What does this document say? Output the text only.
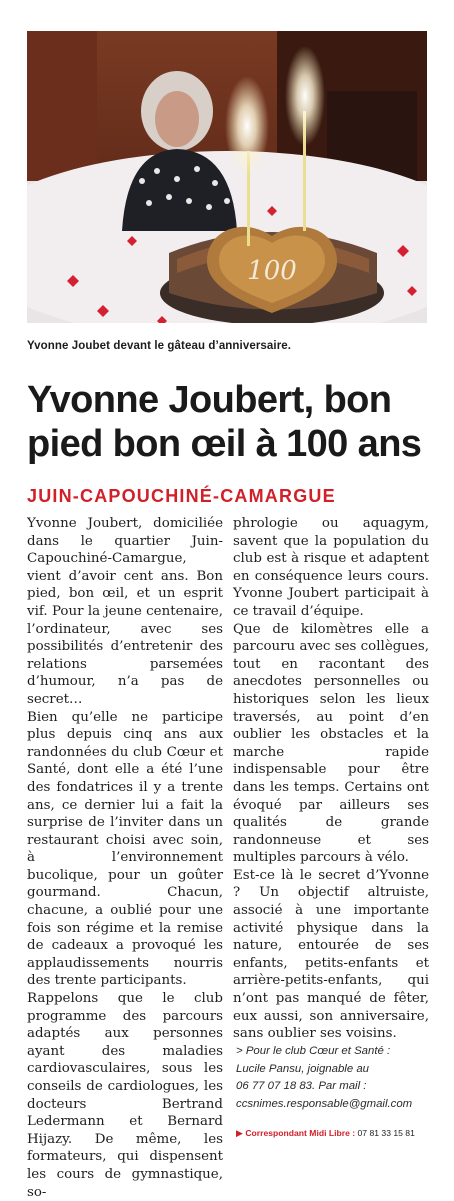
100
Yvonne Joubet devant le gâteau d’anniversaire.
Yvonne Joubert, bon pied bon œil à 100 ans
JUIN-CAPOUCHINÉ-CAMARGUE

Yvonne Joubert, domiciliée dans le quartier Juin-Capouchiné-Camargue, vient d’avoir cent ans. Bon pied, bon œil, et un esprit vif. Pour la jeune centenaire, l’ordinateur, avec ses possibilités d’entretenir des relations parsemées d’humour, n’a pas de secret…

Bien qu’elle ne participe plus depuis cinq ans aux randonnées du club Cœur et Santé, dont elle a été l’une des fondatrices il y a trente ans, ce dernier lui a fait la surprise de l’inviter dans un restaurant choisi avec soin, à l’environnement bucolique, pour un goûter gourmand. Chacun, chacune, a oublié pour une fois son régime et la remise de cadeaux a provoqué les applaudissements nourris des trente participants.

Rappelons que le club programme des parcours adaptés aux personnes ayant des maladies cardiovasculaires, sous les conseils de cardiologues, les docteurs Bertrand Ledermann et Bernard Hijazy. De même, les formateurs, qui dispensent les cours de gymnastique, so-

phrologie ou aquagym, savent que la population du club est à risque et adaptent en conséquence leurs cours. Yvonne Joubert participait à ce travail d’équipe.

Que de kilomètres elle a parcouru avec ses collègues, tout en racontant des anecdotes personnelles ou historiques selon les lieux traversés, au point d’en oublier les obstacles et la marche rapide indispensable pour être dans les temps. Certains ont évoqué par ailleurs ses qualités de grande randonneuse et ses multiples parcours à vélo.

Est-ce là le secret d’Yvonne ? Un objectif altruiste, associé à une importante activité physique dans la nature, entourée de ses enfants, petits-enfants et arrière-petits-enfants, qui n’ont pas manqué de fêter, eux aussi, son anniversaire, sans oublier ses voisins.

> Pour le club Cœur et Santé :
Lucile Pansu, joignable au
06 77 07 18 83. Par mail :
ccsnimes.responsable@gmail.com
▶ Correspondant Midi Libre : 07 81 33 15 81
